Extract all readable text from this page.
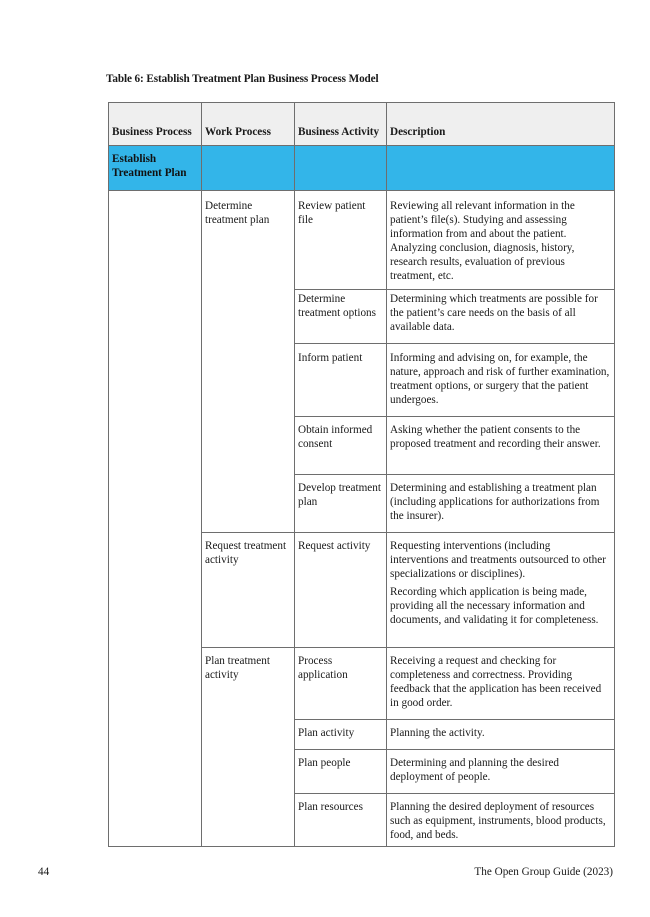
Table 6: Establish Treatment Plan Business Process Model
Business Process	Work Process	Business Activity	Description
Establish Treatment Plan			
	Determine treatment plan	Review patient file	Reviewing all relevant information in the patient’s file(s). Studying and assessing information from and about the patient. Analyzing conclusion, diagnosis, history, research results, evaluation of previous treatment, etc.

		Determine treatment options	Determining which treatments are possible for the patient’s care needs on the basis of all available data.

		Inform patient	Informing and advising on, for example, the nature, approach and risk of further examination, treatment options, or surgery that the patient undergoes.

		Obtain informed consent	Asking whether the patient consents to the proposed treatment and recording their answer.

		Develop treatment plan	Determining and establishing a treatment plan (including applications for authorizations from the insurer).

	Request treatment activity	Request activity	Requesting interventions (including interventions and treatments outsourced to other specializations or disciplines).

Recording which application is being made, providing all the necessary information and documents, and validating it for completeness.

	Plan treatment activity	Process application	Receiving a request and checking for completeness and correctness. Providing feedback that the application has been received in good order.

		Plan activity	Planning the activity.

		Plan people	Determining and planning the desired deployment of people.

		Plan resources	Planning the desired deployment of resources such as equipment, instruments, blood products, food, and beds.

44	The Open Group Guide (2023)
